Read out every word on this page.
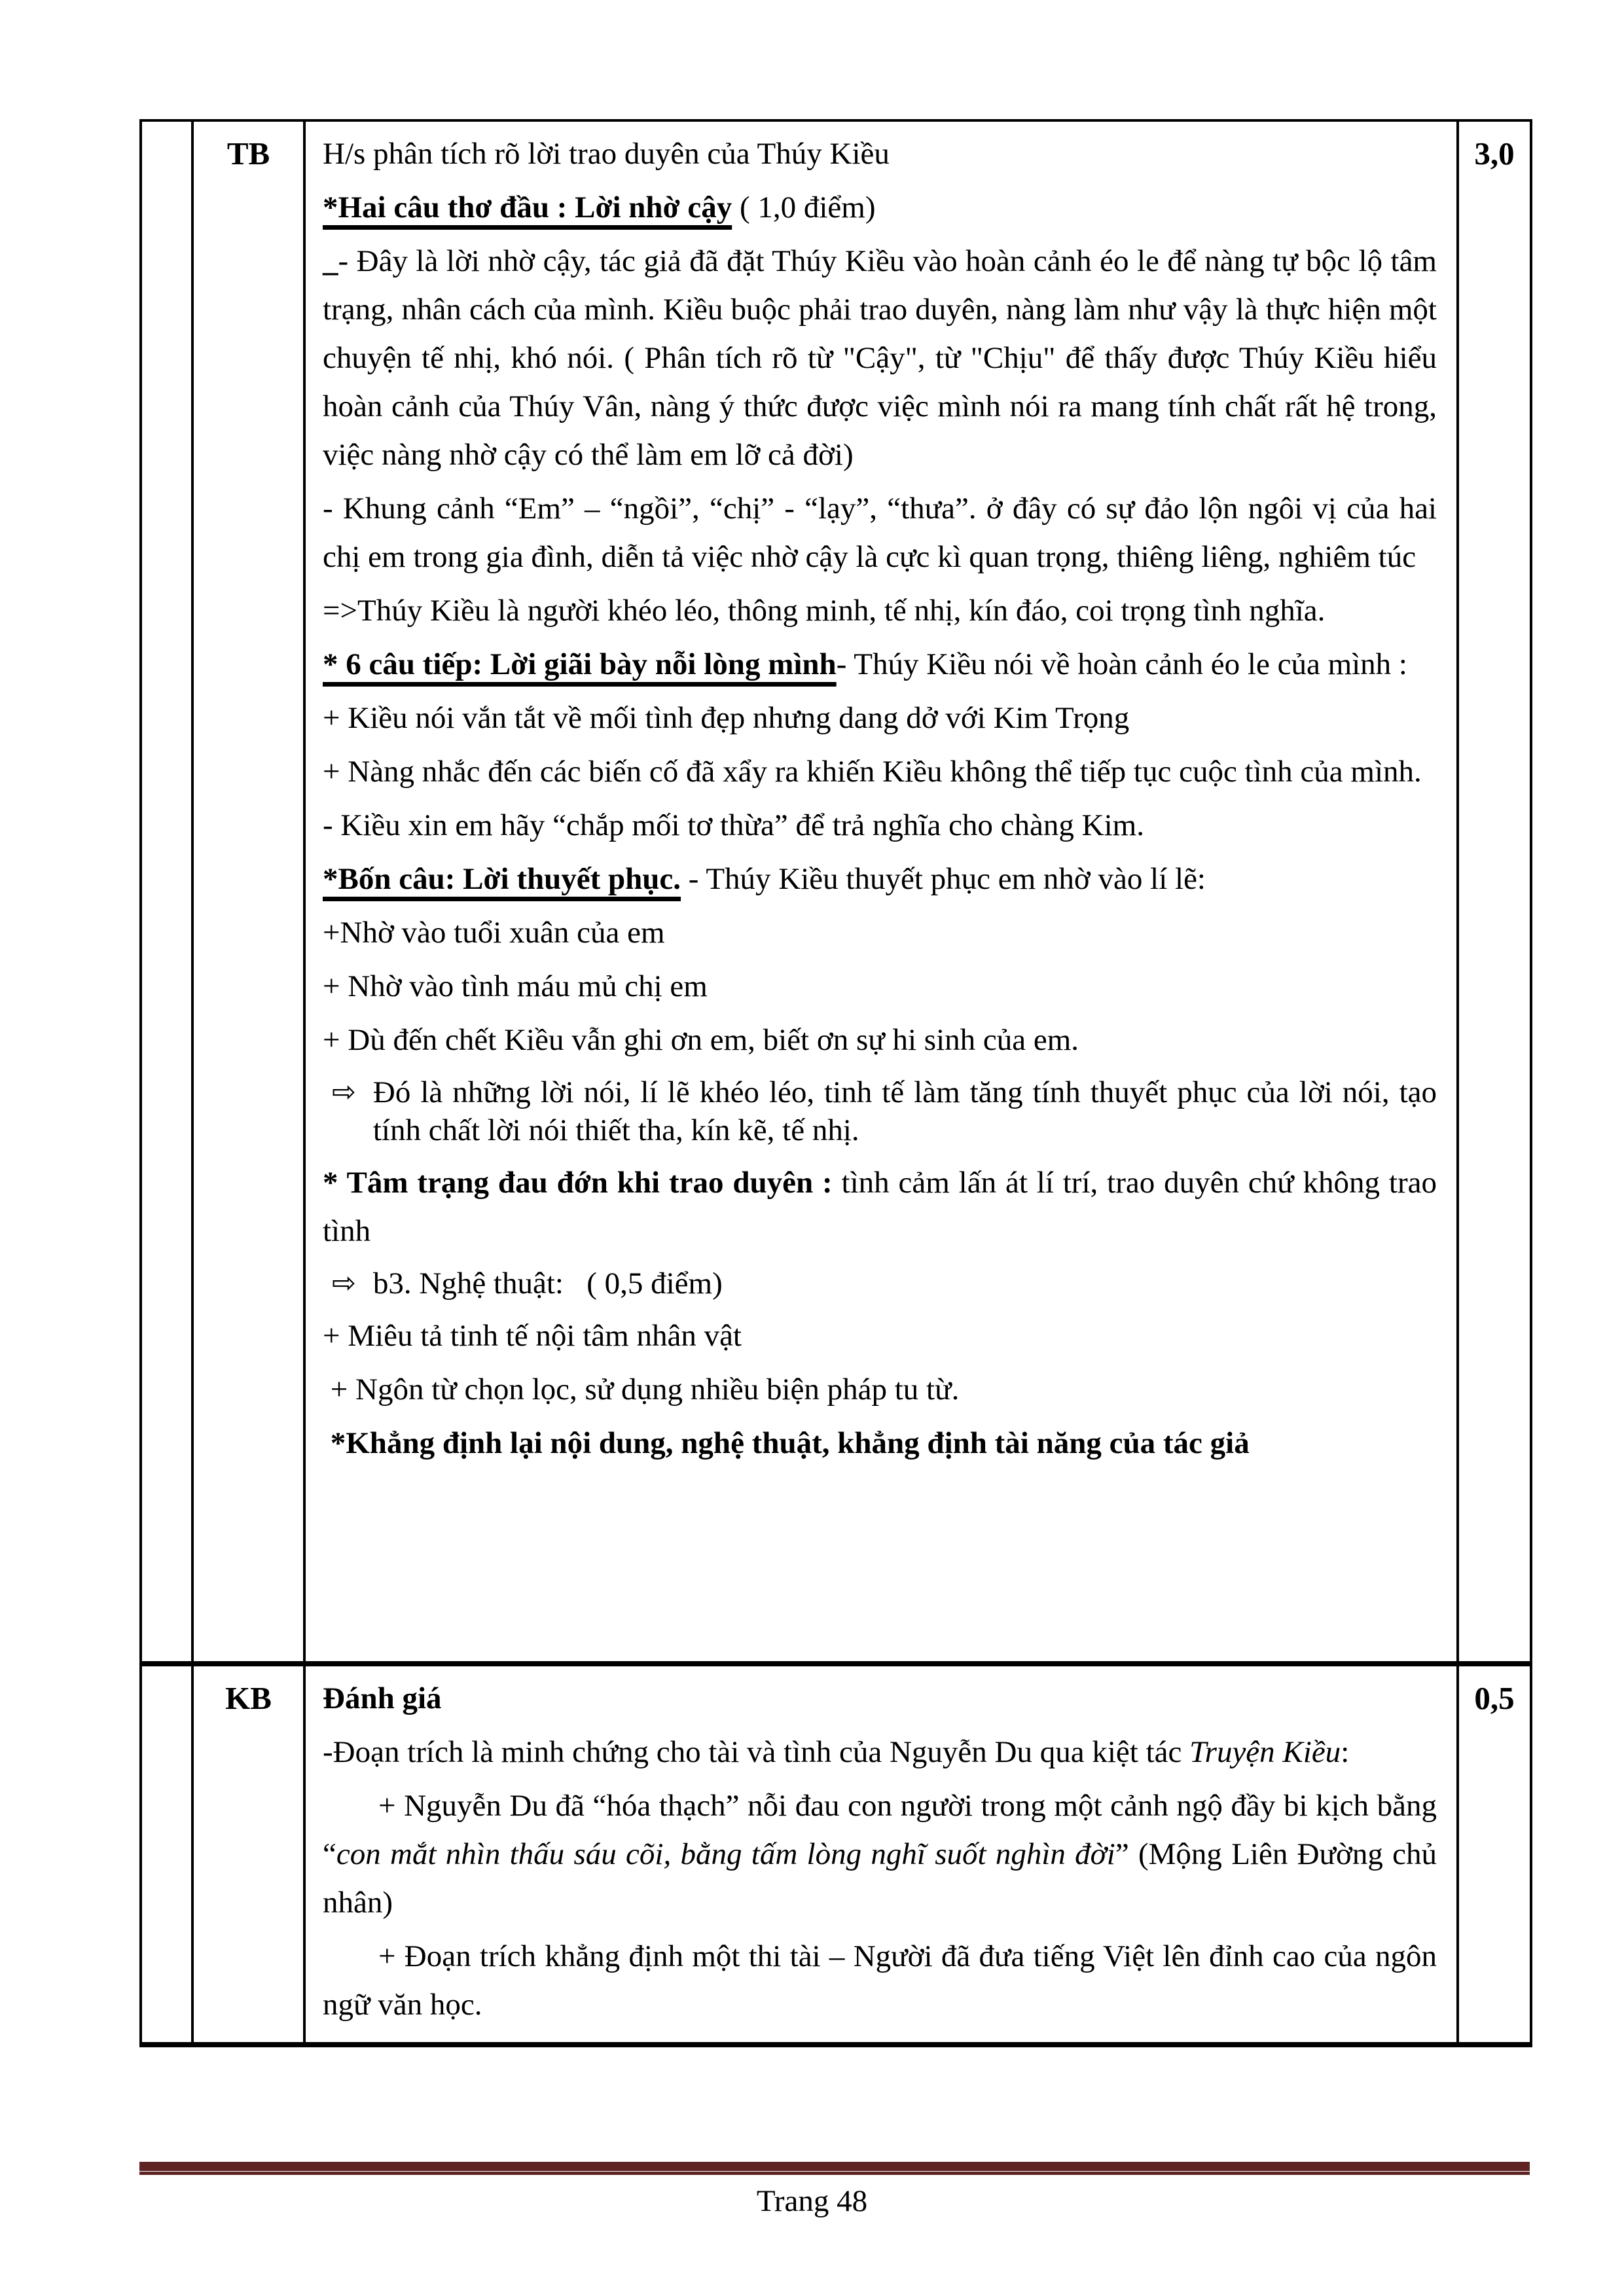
	TB	H/s phân tích rõ lời trao duyên của Thúy Kiều

*Hai câu thơ đầu : Lời nhờ cậy ( 1,0 điểm)

_- Đây là lời nhờ cậy, tác giả đã đặt Thúy Kiều vào hoàn cảnh éo le để nàng tự bộc lộ tâm trạng, nhân cách của mình. Kiều buộc phải trao duyên, nàng làm như vậy là thực hiện một chuyện tế nhị, khó nói. ( Phân tích rõ từ "Cậy", từ "Chịu" để thấy được Thúy Kiều hiểu hoàn cảnh của Thúy Vân, nàng ý thức được việc mình nói ra mang tính chất rất hệ trong, việc nàng nhờ cậy có thể làm em lỡ cả đời)

- Khung cảnh “Em” – “ngồi”, “chị” - “lạy”, “thưa”. ở đây có sự đảo lộn ngôi vị của hai chị em trong gia đình, diễn tả việc nhờ cậy là cực kì quan trọng, thiêng liêng, nghiêm túc

=>Thúy Kiều là người khéo léo, thông minh, tế nhị, kín đáo, coi trọng tình nghĩa.

* 6 câu tiếp: Lời giãi bày nỗi lòng mình- Thúy Kiều nói về hoàn cảnh éo le của mình :

+ Kiều nói vắn tắt về mối tình đẹp nhưng dang dở với Kim Trọng

+ Nàng nhắc đến các biến cố đã xẩy ra khiến Kiều không thể tiếp tục cuộc tình của mình.

- Kiều xin em hãy “chắp mối tơ thừa” để trả nghĩa cho chàng Kim.

*Bốn câu: Lời thuyết phục. - Thúy Kiều thuyết phục em nhờ vào lí lẽ:

+Nhờ vào tuổi xuân của em

+ Nhờ vào tình máu mủ chị em

+ Dù đến chết Kiều vẫn ghi ơn em, biết ơn sự hi sinh của em.

⇨ Đó là những lời nói, lí lẽ khéo léo, tinh tế làm tăng tính thuyết phục của lời nói, tạo tính chất lời nói thiết tha, kín kẽ, tế nhị.

* Tâm trạng đau đớn khi trao duyên : tình cảm lấn át lí trí, trao duyên chứ không trao tình

⇨ b3. Nghệ thuật:   ( 0,5 điểm)

+ Miêu tả tinh tế nội tâm nhân vật

+ Ngôn từ chọn lọc, sử dụng nhiều biện pháp tu từ.

*Khẳng định lại nội dung, nghệ thuật, khẳng định tài năng của tác giả

	3,0
	KB	Đánh giá

-Đoạn trích là minh chứng cho tài và tình của Nguyễn Du qua kiệt tác Truyện Kiều:

+ Nguyễn Du đã “hóa thạch” nỗi đau con người trong một cảnh ngộ đầy bi kịch bằng “con mắt nhìn thấu sáu cõi, bằng tấm lòng nghĩ suốt nghìn đời” (Mộng Liên Đường chủ nhân)

+ Đoạn trích khẳng định một thi tài – Người đã đưa tiếng Việt lên đỉnh cao của ngôn ngữ văn học.	0,5
Trang 48
